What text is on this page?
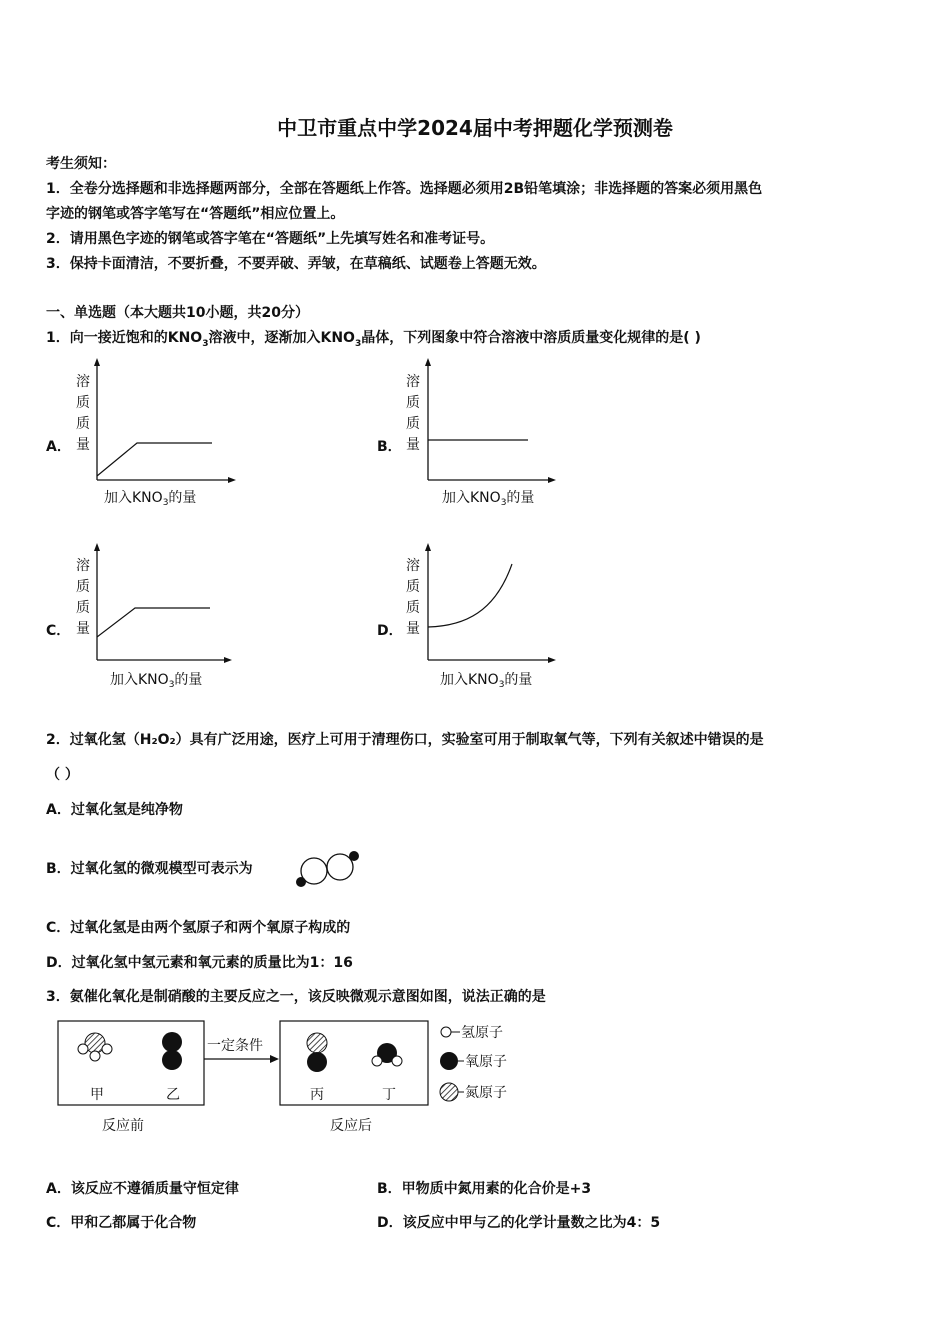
中卫市重点中学2024届中考押题化学预测卷
考生须知：
1．全卷分选择题和非选择题两部分，全部在答题纸上作答。选择题必须用2B铅笔填涂；非选择题的答案必须用黑色
字迹的钢笔或答字笔写在“答题纸”相应位置上。
2．请用黑色字迹的钢笔或答字笔在“答题纸”上先填写姓名和准考证号。
3．保持卡面清洁，不要折叠，不要弄破、弄皱，在草稿纸、试题卷上答题无效。
一、单选题（本大题共10小题，共20分）
1．向一接近饱和的$KNO_3$溶液中，逐渐加入$KNO_3$晶体，下列图象中符合溶液中溶质质量变化规律的是( )
A．
溶
质
质
量
加入$KNO_3$的量
B．
溶
质
质
量
加入$KNO_3$的量
C．
溶
质
质
量
加入$KNO_3$的量
D．
溶
质
质
量
加入$KNO_3$的量
2．过氧化氢（H₂O₂）具有广泛用途，医疗上可用于清理伤口，实验室可用于制取氧气等，下列有关叙述中错误的是
（ ）
A．过氧化氢是纯净物
B．过氧化氢的微观模型可表示为
C．过氧化氢是由两个氢原子和两个氧原子构成的
D．过氧化氢中氢元素和氧元素的质量比为1：16
3．氨催化氧化是制硝酸的主要反应之一，该反映微观示意图如图，说法正确的是
甲	乙
反应前
一定条件
丙	丁
反应后
氢原子
氧原子
氮原子
A．该反应不遵循质量守恒定律	B．甲物质中氮用素的化合价是+3
C．甲和乙都属于化合物	D．该反应中甲与乙的化学计量数之比为4：5
